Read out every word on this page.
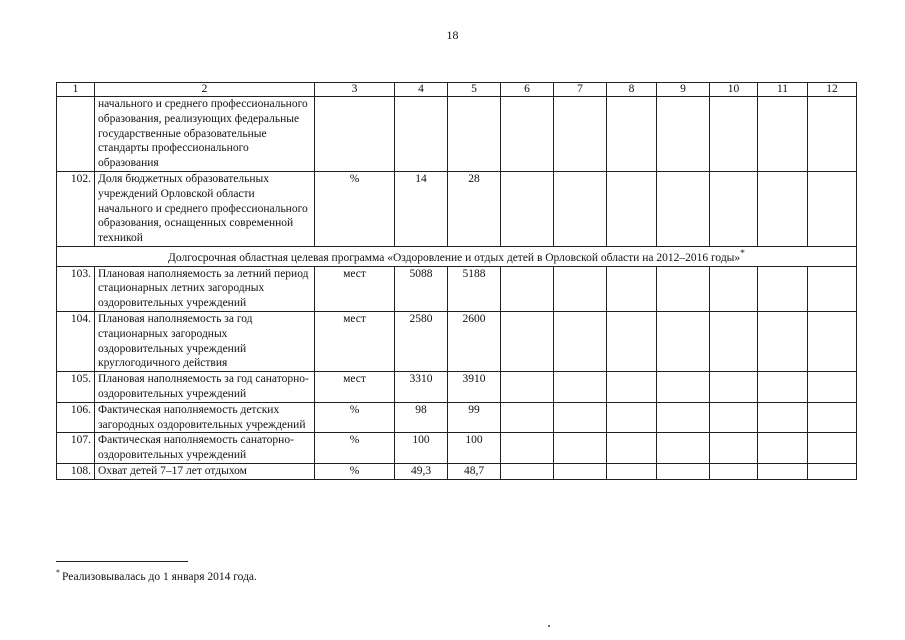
18
1	2	3	4	5	6	7	8	9	10	11	12
	начального и среднего профессионального образования, реализующих федеральные государственные образовательные стандарты профессионального образования										
102.	Доля бюджетных образовательных учреждений Орловской области начального и среднего профессионального образования, оснащенных современной техникой	%	14	28							
Долгосрочная областная целевая программа «Оздоровление и отдых детей в Орловской области на 2012–2016 годы»*
103.	Плановая наполняемость за летний период стационарных летних загородных оздоровительных учреждений	мест	5088	5188							
104.	Плановая наполняемость за год стационарных загородных оздоровительных учреждений круглогодичного действия	мест	2580	2600							
105.	Плановая наполняемость за год санаторно-оздоровительных учреждений	мест	3310	3910							
106.	Фактическая наполняемость детских загородных оздоровительных учреждений	%	98	99							
107.	Фактическая наполняемость санаторно-оздоровительных учреждений	%	100	100							
108.	Охват детей 7–17 лет отдыхом	%	49,3	48,7							
* Реализовывалась до 1 января 2014 года.
